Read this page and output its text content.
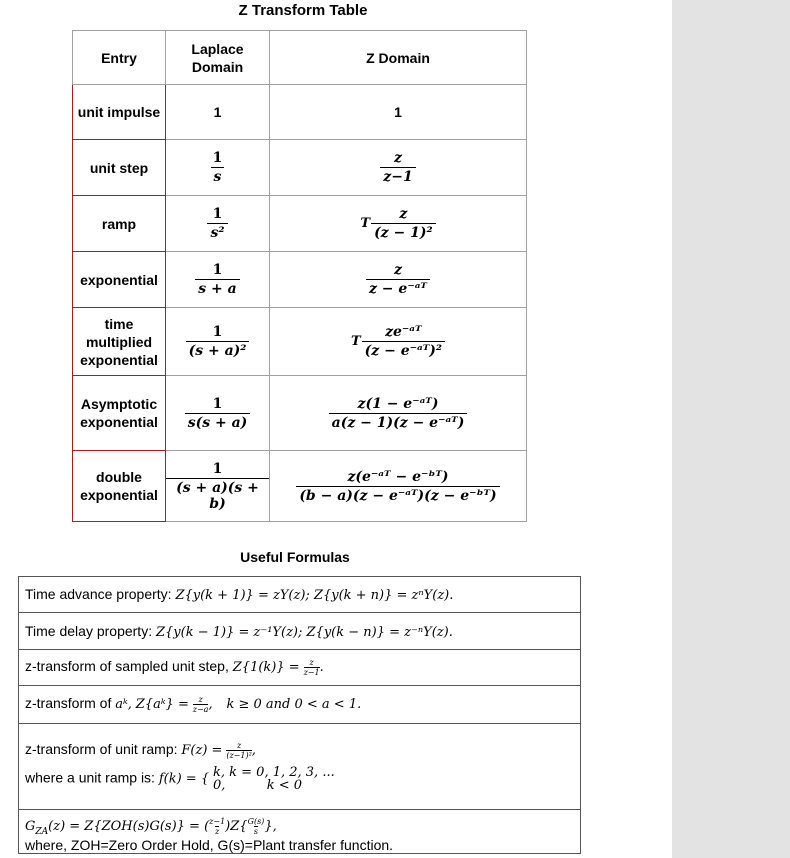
Z Transform Table
Entry	Laplace Domain	Z Domain
unit impulse	1	1
unit step	$\frac{1}{s}$	$\frac{z}{z-1}$

ramp	$\frac{1}{\text{s²}}$	T $\frac{z}{\text{(z − 1)²}}$

exponential	$\frac{1}{s + a}$	$\frac{z}{\text{z − e⁻ᵃᵀ}}$

time multiplied exponential	$\frac{1}{\text{(s + a)²}}$	T $\frac{\text{ze⁻ᵃᵀ}}{\text{(z − e⁻ᵃᵀ)²}}$

Asymptotic exponential	$\frac{1}{s(s + a)}$	$\frac{\text{z(1 − e⁻ᵃᵀ)}}{\text{a(z − 1)(z − e⁻ᵃᵀ)}}$

double exponential	$\frac{1}{(s + a)(s + b)}$	$\frac{\text{z(e⁻ᵃᵀ − e⁻ᵇᵀ)}}{\text{(b − a)(z − e⁻ᵃᵀ)(z − e⁻ᵇᵀ)}}$
Useful Formulas
Time advance property: Z{y(k + 1)} = zY(z); Z{y(k + n)} = zⁿY(z).
Time delay property: Z{y(k − 1)} = z⁻¹Y(z); Z{y(k − n)} = z⁻ⁿY(z).
z-transform of sampled unit step, $Z\{1(k)\} = \frac{z}{z-1}$ .
z-transform of aᵏ, Z{aᵏ} = $\frac{z}{z-a}$ , k ≥ 0 and 0 < a < 1.
z-transform of unit ramp: $F(z) = \frac{z}{\text{(z−1)²}}$ ,
where a unit ramp is: f(k) = { k, k = 0, 1, 2, 3, ...
0,          k < 0
$G_{ZA}(z) = Z\{ZOH(s)G(s)\}$ = ( $\frac{z-1}{z} )Z\{ \frac{G(s)}{s}$ },
where, ZOH=Zero Order Hold, G(s)=Plant transfer function.
